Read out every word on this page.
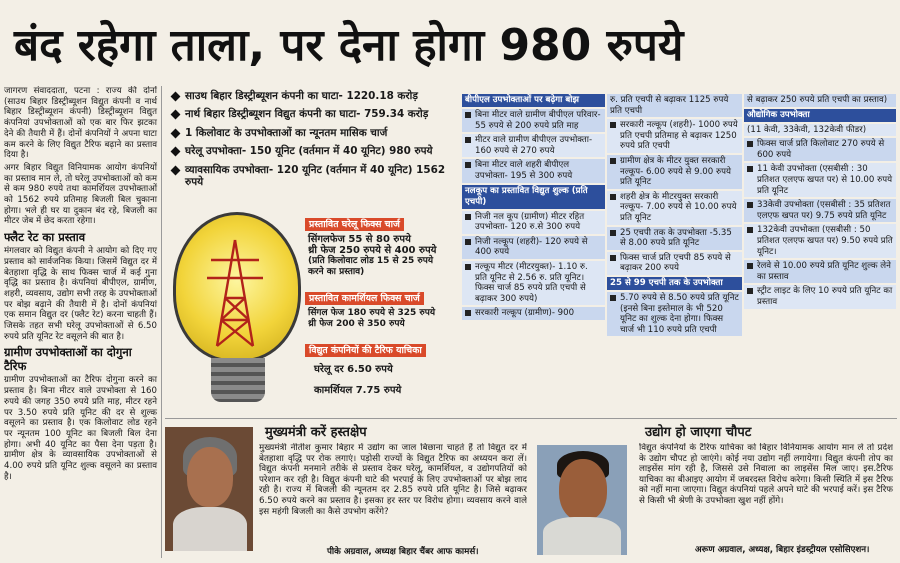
बंद रहेगा ताला, पर देना होगा 980 रुपये

जागरण संवाददाता, पटना : राज्य की दोनों (साउथ बिहार डिस्ट्रीब्यूशन विद्युत कंपनी व नार्थ बिहार डिस्ट्रीब्यूशन कंपनी) डिस्ट्रीब्यूशन विद्युत कंपनियां उपभोक्ताओं को एक बार फिर झटका देने की तैयारी में हैं। दोनों कंपनियों ने अपना घाटा कम करने के लिए विद्युत टैरिफ बढ़ाने का प्रस्ताव दिया है।

अगर बिहार विद्युत विनियामक आयोग कंपनियों का प्रस्ताव मान ले, तो घरेलू उपभोक्ताओं को कम से कम 980 रुपये तथा कामर्शियल उपभोक्ताओं को 1562 रुपये प्रतिमाह बिजली बिल चुकाना होगा। भले ही घर या दुकान बंद रहे, बिजली का मीटर जेब में छेद करता रहेगा।

फ्लैट रेट का प्रस्ताव

मंगलवार को विद्युत कंपनी ने आयोग को दिए गए प्रस्ताव को सार्वजनिक किया। जिसमें विद्युत दर में बेतहाशा वृद्धि के साथ फिक्स चार्ज में कई गुना वृद्धि का प्रस्ताव है। कंपनियां बीपीएल, ग्रामीण, शहरी, व्यवसाय, उद्योग सभी तरह के उपभोक्ताओं पर बोझ बढ़ाने की तैयारी में है। दोनों कंपनियां एक समान विद्युत दर (फ्लैट रेट) करना चाहती हैं। जिसके तहत सभी घरेलू उपभोक्ताओं से 6.50 रुपये प्रति यूनिट रेट वसूलने की बात है।

ग्रामीण उपभोक्ताओं का दोगुना टैरिफ

ग्रामीण उपभोक्ताओं का टैरिफ दोगुना करने का प्रस्ताव है। बिना मीटर वाले उपभोक्ता से 160 रुपये की जगह 350 रुपये प्रति माह, मीटर रहने पर 3.50 रुपये प्रति यूनिट की दर से शुल्क वसूलने का प्रस्ताव है। एक किलोवाट लोड रहने पर न्यूनतम 100 यूनिट का बिजली बिल देना होगा। अभी 40 यूनिट का पैसा देना पड़ता है। ग्रामीण क्षेत्र के व्यावसायिक उपभोक्ताओं से 4.00 रुपये प्रति यूनिट शुल्क वसूलने का प्रस्ताव है।

साउथ बिहार डिस्ट्रीब्यूशन कंपनी का घाटा- 1220.18 करोड़
नार्थ बिहार डिस्ट्रीब्यूशन विद्युत कंपनी का घाटा- 759.34 करोड़
1 किलोवाट के उपभोक्ताओं का न्यूनतम मासिक चार्ज
घरेलू उपभोक्ता- 150 यूनिट (वर्तमान में 40 यूनिट) 980 रुपये
व्यावसायिक उपभोक्ता- 120 यूनिट (वर्तमान में 40 यूनिट) 1562 रुपये
प्रस्तावित घरेलू फिक्स चार्ज
सिंगलफेज 55 से 80 रुपये
थ्री फेज 250 रुपये से 400 रुपये
(प्रति किलोवाट लोड 15 से 25 रुपये करने का प्रस्ताव)
प्रस्तावित कामर्शियल फिक्स चार्ज
सिंगल फेज 180 रुपये से 325 रुपये
थ्री फेज 200 से 350 रुपये
विद्युत कंपनियों की टैरिफ याचिका
घरेलू दर 6.50 रुपये
कामर्शियल 7.75 रुपये
बीपीएल उपभोक्ताओं पर बढ़ेगा बोझ
बिना मीटर वाले ग्रामीण बीपीएल परिवार- 55 रुपये से 200 रुपये प्रति माह
मीटर वाले ग्रामीण बीपीएल उपभोक्ता- 160 रुपये से 270 रुपये
बिना मीटर वाले शहरी बीपीएल उपभोक्ता- 195 से 300 रुपये
नलकूप का प्रस्तावित विद्युत शुल्क (प्रति एचपी)
निजी नल कूप (ग्रामीण) मीटर रहित उपभोक्ता- 120 रु.से 300 रुपये
निजी नल्कूप (शहरी)- 120 रुपये से 400 रुपये
नल्कूप मीटर (मीटरयुक्त)- 1.10 रु. प्रति यूनिट से 2.56 रु. प्रति यूनिट। फिक्स चार्ज 85 रुपये प्रति एचपी से बढ़ाकर 300 रुपये)
सरकारी नल्कूप (ग्रामीण)- 900
रु. प्रति एचपी से बढ़ाकर 1125 रुपये प्रति एचपी
सरकारी नल्कूप (शहरी)- 1000 रुपये प्रति एचपी प्रतिमाह से बढ़ाकर 1250 रुपये प्रति एचपी
ग्रामीण क्षेत्र के मीटर युक्त सरकारी नल्कूप- 6.00 रुपये से 9.00 रुपये प्रति यूनिट
शहरी क्षेत्र के मीटरयुक्त सरकारी नल्कूप- 7.00 रुपये से 10.00 रुपये प्रति यूनिट
25 एचपी तक के उपभोक्ता -5.35 से 8.00 रुपये प्रति यूनिट
फिक्स चार्ज प्रति एचपी 85 रुपये से बढ़ाकर 200 रुपये
25 से 99 एचपी तक के उपभोक्ता
5.70 रुपये से 8.50 रुपये प्रति यूनिट (इनसे बिना इस्तेमाल के भी 520 यूनिट का शुल्क देना होगा। फिक्स चार्ज भी 110 रुपये प्रति एचपी
से बढ़ाकर 250 रुपये प्रति एचपी का प्रस्ताव)
औद्योगिक उपभोक्ता
(11 केवी, 33केवी, 132केवी फीडर)
फिक्स चार्ज प्रति किलोवाट 270 रुपये से 600 रुपये
11 केवी उपभोक्ता (एसबीसी : 30 प्रतिशत एलएफ खपत पर) से 10.00 रुपये प्रति यूनिट
33केवी उपभोक्ता (एसबीसी : 35 प्रतिशत एलएफ खपत पर) 9.75 रुपये प्रति यूनिट
132केवी उपभोक्ता (एसबीसी : 50 प्रतिशत एलएफ खपत पर) 9.50 रुपये प्रति यूनिट।
रेलवे से 10.00 रुपये प्रति यूनिट शुल्क लेने का प्रस्ताव
स्ट्रीट लाइट के लिए 10 रुपये प्रति यूनिट का प्रस्ताव
मुख्यमंत्री करें हस्तक्षेप
मुख्यमंत्री नीतीश कुमार बिहार में उद्योग का जाल बिछाना चाहते हैं तो विद्युत दर में बेतहाशा वृद्धि पर रोक लगाएं। पड़ोसी राज्यों के विद्युत टैरिफ का अध्ययन करा लें। विद्युत कंपनी मनमाने तरीके से प्रस्ताव देकर घरेलू, कामर्शियल, व उद्योगपतियों को परेशान कर रही है। विद्युत कंपनी घाटे की भरपाई के लिए उपभोक्ताओं पर बोझ लाद रही है। राज्य में बिजली की न्यूनतम दर 2.85 रुपये प्रति यूनिट है। जिसे बढ़ाकर 6.50 रुपये करने का प्रस्ताव है। इसका हर स्तर पर विरोध होगा। व्यवसाय करने वाले इस महंगी बिजली का कैसे उपभोग करेंगे?
पीके अग्रवाल, अध्यक्ष बिहार चैंबर आफ कामर्स।
उद्योग हो जाएगा चौपट
विद्युत कंपनियों के टैरिफ याचिका को बिहार विनियामक आयोग मान ले तो प्रदेश के उद्योग चौपट हो जाएंगे। कोई नया उद्योग नहीं लगायेगा। विद्युत कंपनी तोप का लाइसेंस मांग रही है, जिससे उसे निवाला का लाइसेंस मिल जाए। इस.टैरिफ याचिका का बीआइए आयोग में जबरदस्त विरोध करेगा। किसी स्थिति में इस टैरिफ को नहीं माना जाएगा। विद्युत कंपनियां पहले अपने घाटे की भरपाई करें। इस टैरिफ से किसी भी श्रेणी के उपभोक्ता खुश नहीं होंगे।
अरूण अग्रवाल, अध्यक्ष, बिहार इंडस्ट्रीयल एसोसिएशन।
